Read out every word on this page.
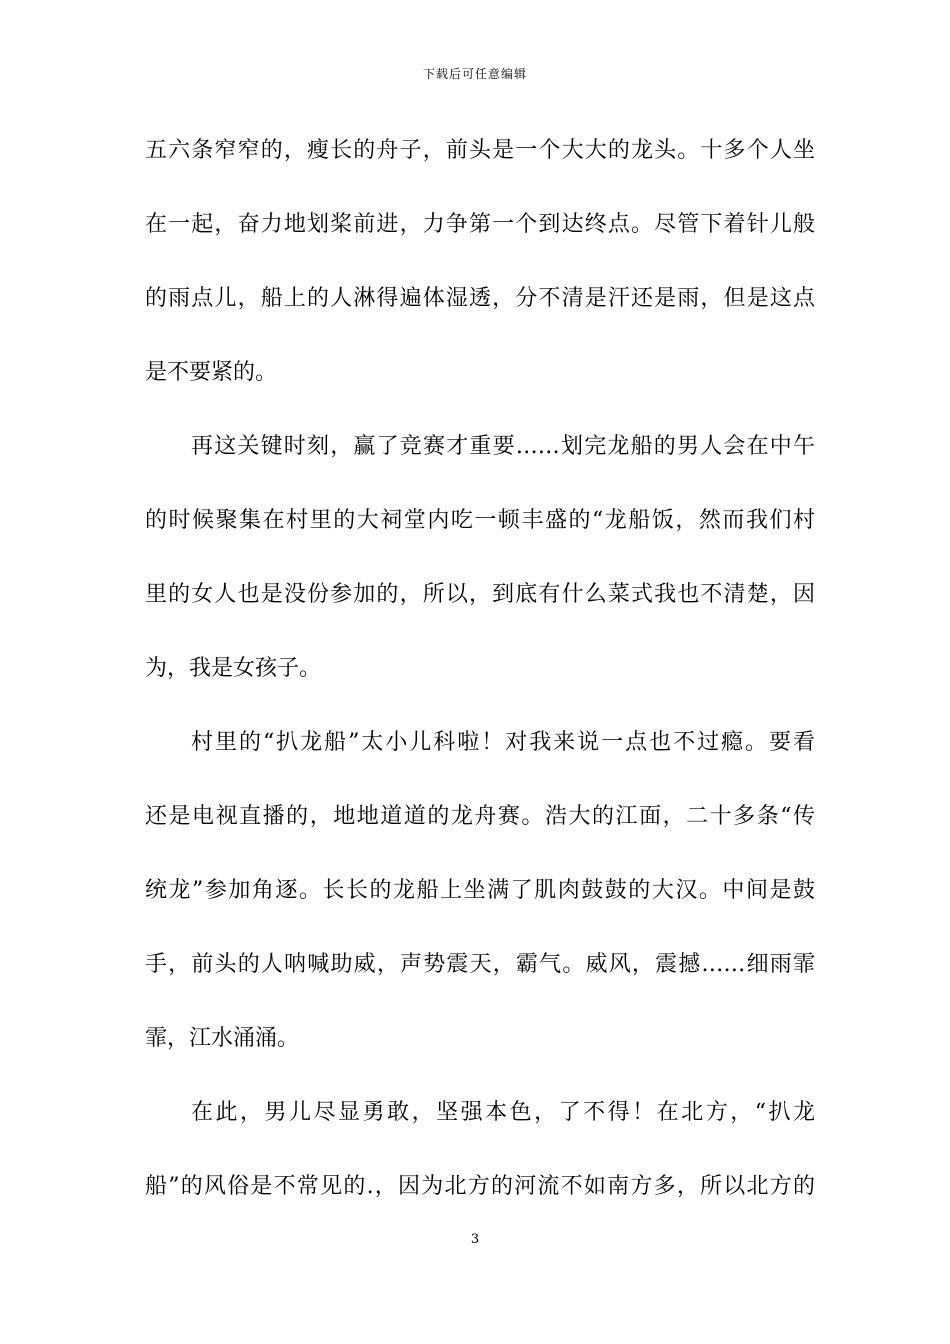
下载后可任意编辑
五六条窄窄的，瘦长的舟子，前头是一个大大的龙头。十多个人坐
在一起，奋力地划桨前进，力争第一个到达终点。尽管下着针儿般
的雨点儿，船上的人淋得遍体湿透，分不清是汗还是雨，但是这点
是不要紧的。
再这关键时刻，赢了竞赛才重要……划完龙船的男人会在中午
的时候聚集在村里的大祠堂内吃一顿丰盛的“龙船饭，然而我们村
里的女人也是没份参加的，所以，到底有什么菜式我也不清楚，因
为，我是女孩子。
村里的“扒龙船”太小儿科啦！对我来说一点也不过瘾。要看
还是电视直播的，地地道道的龙舟赛。浩大的江面，二十多条“传
统龙”参加角逐。长长的龙船上坐满了肌肉鼓鼓的大汉。中间是鼓
手，前头的人呐喊助威，声势震天，霸气。威风，震撼……细雨霏
霏，江水涌涌。
在此，男儿尽显勇敢，坚强本色，了不得！在北方，“扒龙
船”的风俗是不常见的.，因为北方的河流不如南方多，所以北方的
3
